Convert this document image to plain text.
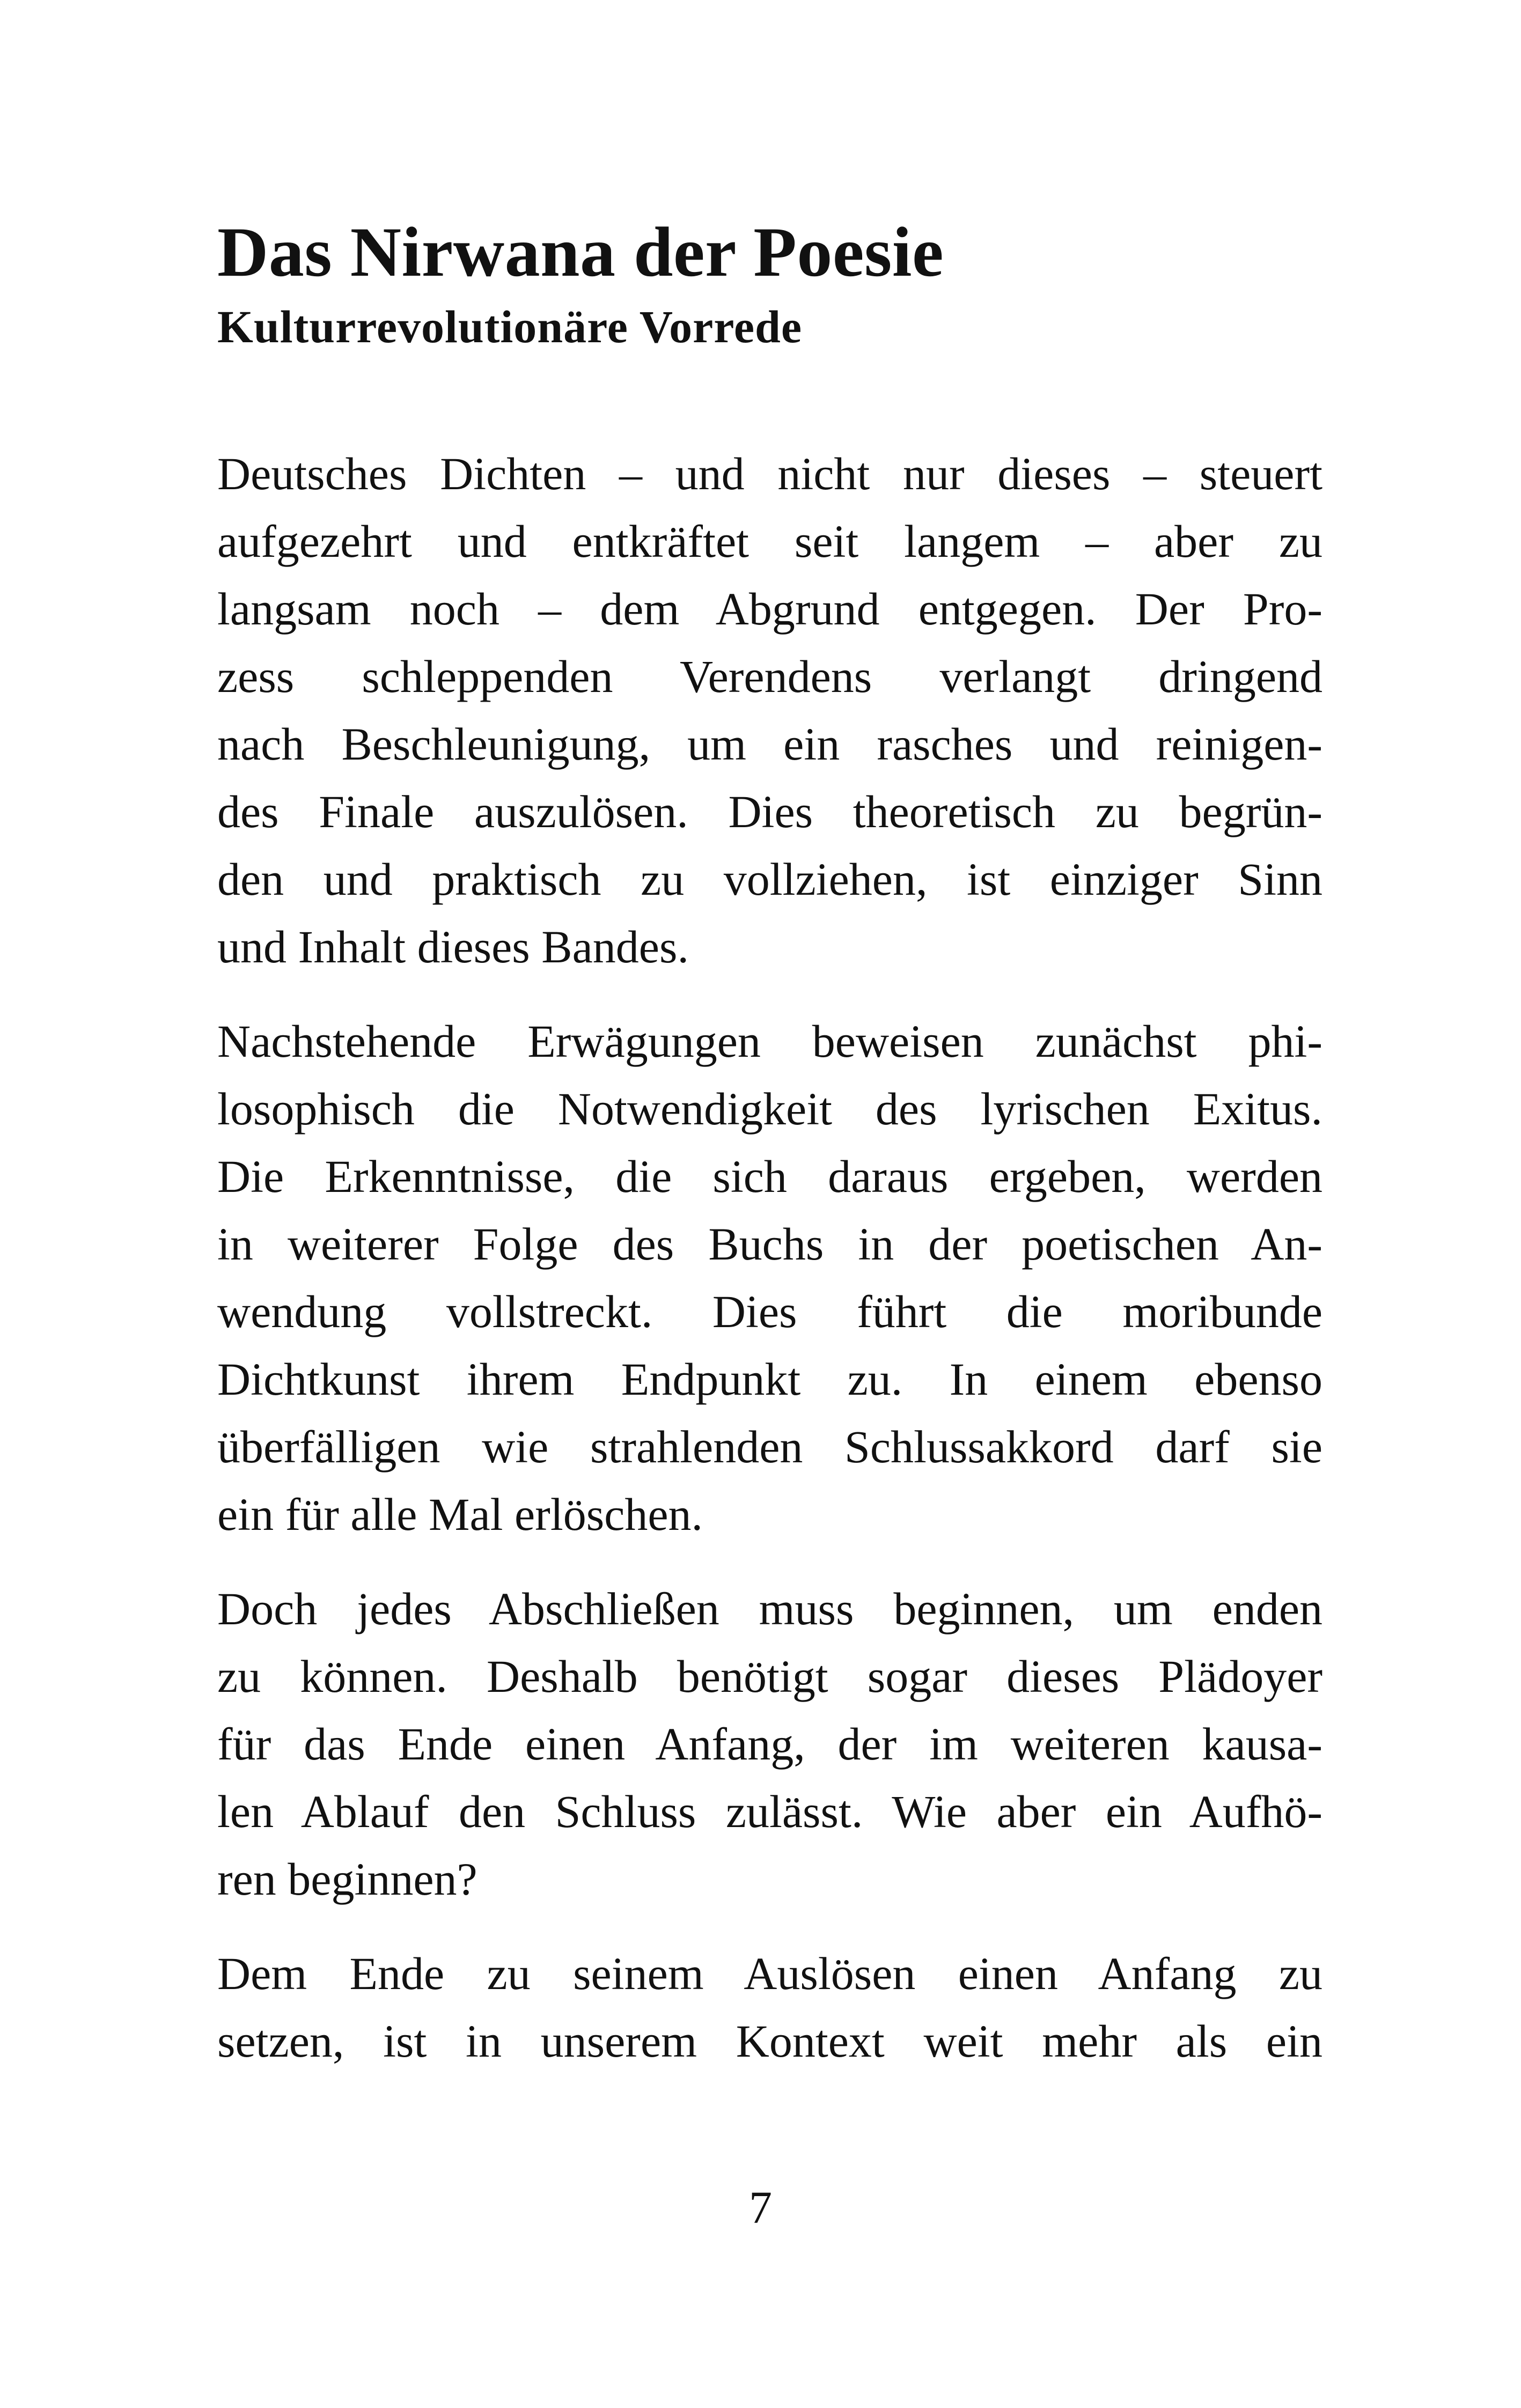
Das Nirwana der Poesie
Kulturrevolutionäre Vorrede

Deutsches Dichten – und nicht nur dieses – steuert
aufgezehrt und entkräftet seit langem – aber zu
langsam noch – dem Abgrund entgegen. Der Pro-
zess schleppenden Verendens verlangt dringend
nach Beschleunigung, um ein rasches und reinigen-
des Finale auszulösen. Dies theoretisch zu begrün-
den und praktisch zu vollziehen, ist einziger Sinn
und Inhalt dieses Bandes.

Nachstehende Erwägungen beweisen zunächst phi-
losophisch die Notwendigkeit des lyrischen Exitus.
Die Erkenntnisse, die sich daraus ergeben, werden
in weiterer Folge des Buchs in der poetischen An-
wendung vollstreckt. Dies führt die moribunde
Dichtkunst ihrem Endpunkt zu. In einem ebenso
überfälligen wie strahlenden Schlussakkord darf sie
ein für alle Mal erlöschen.

Doch jedes Abschließen muss beginnen, um enden
zu können. Deshalb benötigt sogar dieses Plädoyer
für das Ende einen Anfang, der im weiteren kausa-
len Ablauf den Schluss zulässt. Wie aber ein Aufhö-
ren beginnen?

Dem Ende zu seinem Auslösen einen Anfang zu
setzen, ist in unserem Kontext weit mehr als ein

7
